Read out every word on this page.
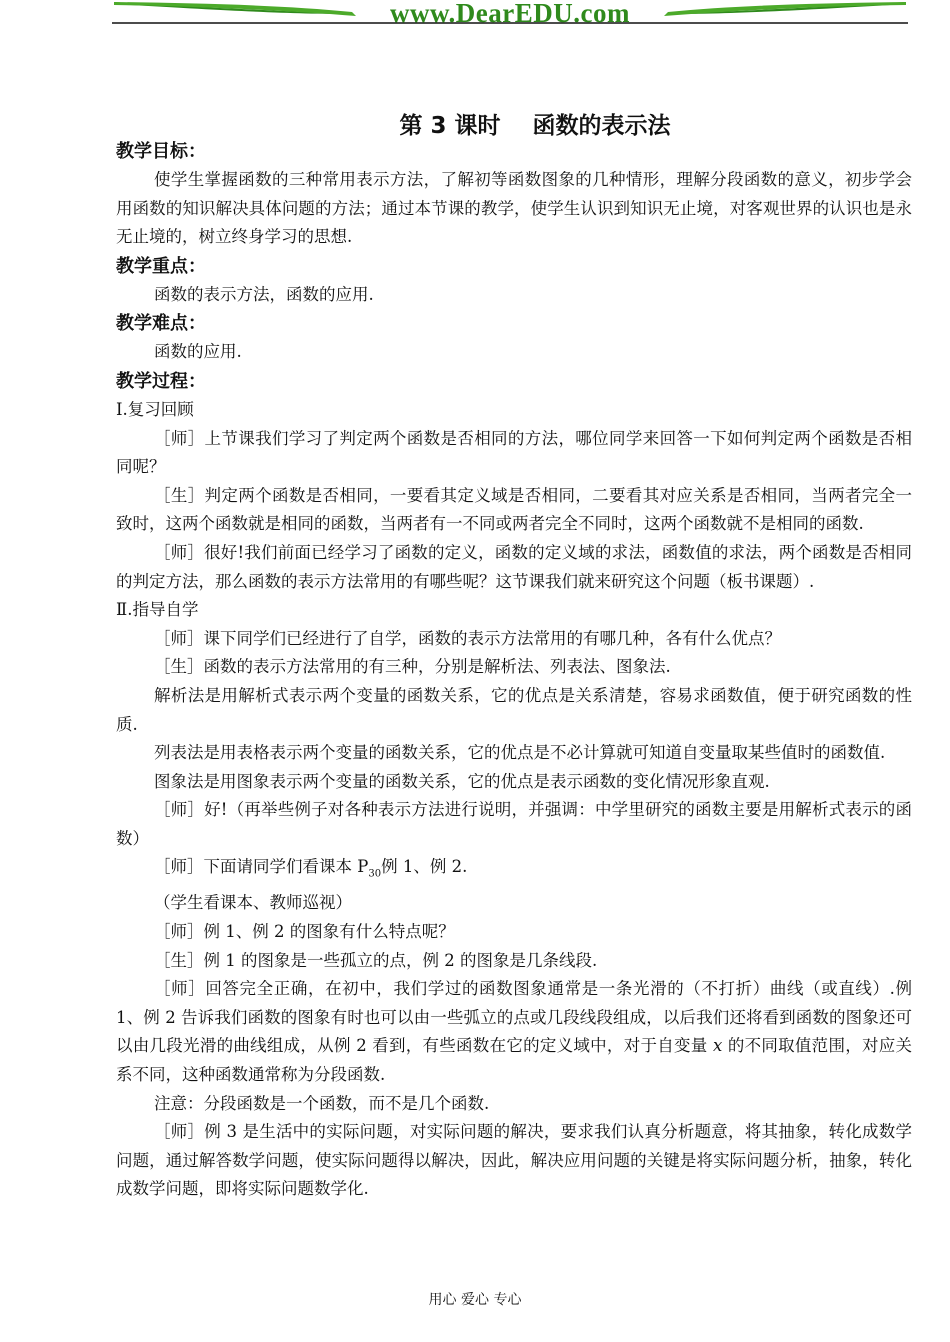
www.DearEDU.com
第 3 课时    函数的表示法

教学目标：

使学生掌握函数的三种常用表示方法，了解初等函数图象的几种情形，理解分段函数的意义，初步学会用函数的知识解决具体问题的方法；通过本节课的教学，使学生认识到知识无止境，对客观世界的认识也是永无止境的，树立终身学习的思想.

教学重点：

函数的表示方法，函数的应用.

教学难点：

函数的应用.

教学过程：

Ⅰ.复习回顾

［师］上节课我们学习了判定两个函数是否相同的方法，哪位同学来回答一下如何判定两个函数是否相同呢？

［生］判定两个函数是否相同，一要看其定义域是否相同，二要看其对应关系是否相同，当两者完全一致时，这两个函数就是相同的函数，当两者有一不同或两者完全不同时，这两个函数就不是相同的函数.

［师］很好!我们前面已经学习了函数的定义，函数的定义域的求法，函数值的求法，两个函数是否相同的判定方法，那么函数的表示方法常用的有哪些呢？这节课我们就来研究这个问题（板书课题）.

Ⅱ.指导自学

［师］课下同学们已经进行了自学，函数的表示方法常用的有哪几种，各有什么优点？

［生］函数的表示方法常用的有三种，分别是解析法、列表法、图象法.

解析法是用解析式表示两个变量的函数关系，它的优点是关系清楚，容易求函数值，便于研究函数的性质.

列表法是用表格表示两个变量的函数关系，它的优点是不必计算就可知道自变量取某些值时的函数值.

图象法是用图象表示两个变量的函数关系，它的优点是表示函数的变化情况形象直观.

［师］好!（再举些例子对各种表示方法进行说明，并强调：中学里研究的函数主要是用解析式表示的函数）

［师］下面请同学们看课本 $P_{30}$例 1、例 2.

（学生看课本、教师巡视）

［师］例 1、例 2 的图象有什么特点呢？

［生］例 1 的图象是一些孤立的点，例 2 的图象是几条线段.

［师］回答完全正确，在初中，我们学过的函数图象通常是一条光滑的（不打折）曲线（或直线）.例 1、例 2 告诉我们函数的图象有时也可以由一些弧立的点或几段线段组成，以后我们还将看到函数的图象还可以由几段光滑的曲线组成，从例 2 看到，有些函数在它的定义域中，对于自变量 x 的不同取值范围，对应关系不同，这种函数通常称为分段函数.

注意：分段函数是一个函数，而不是几个函数.

［师］例 3 是生活中的实际问题，对实际问题的解决，要求我们认真分析题意，将其抽象，转化成数学问题，通过解答数学问题，使实际问题得以解决，因此，解决应用问题的关键是将实际问题分析，抽象，转化成数学问题，即将实际问题数学化.

用心 爱心 专心
